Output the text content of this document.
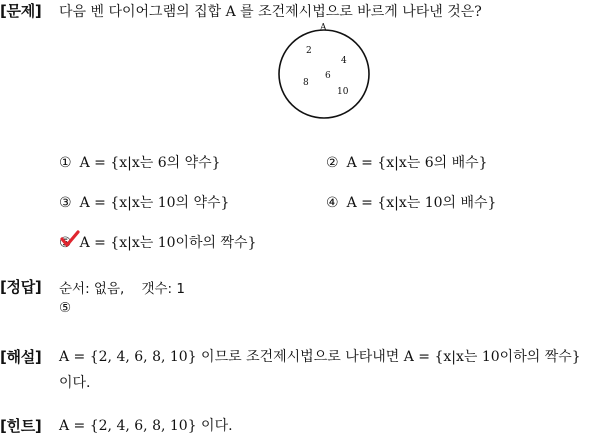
[문제] 다음 벤 다이어그램의 집합 A 를 조건제시법으로 바르게 나타낸 것은?
A
2
4
6
8
10
① A = {x|x는 6의 약수}	② A = {x|x는 6의 배수}
③ A = {x|x는 10의 약수}	④ A = {x|x는 10의 배수}
⑤ A = {x|x는 10이하의 짝수}
[정답] 순서: 없음, 갯수: 1
⑤
[해설] A = {2, 4, 6, 8, 10} 이므로 조건제시법으로 나타내면 A = {x|x는 10이하의 짝수}
이다.
[힌트] A = {2, 4, 6, 8, 10} 이다.
